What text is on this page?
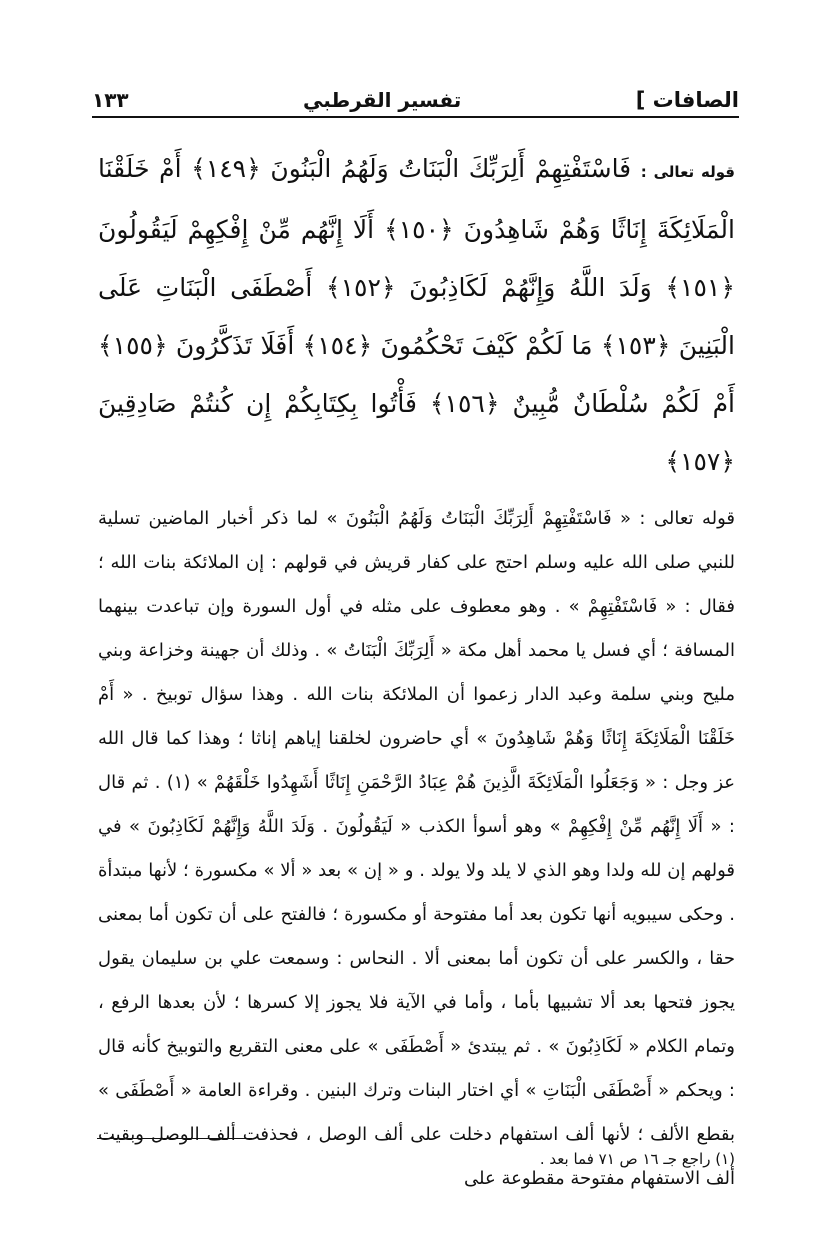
الصافات ]
تفسير القرطبي
١٣٣

قوله تعالى : فَاسْتَفْتِهِمْ أَلِرَبِّكَ الْبَنَاتُ وَلَهُمُ الْبَنُونَ ﴿١٤٩﴾ أَمْ خَلَقْنَا الْمَلَائِكَةَ إِنَاثًا وَهُمْ شَاهِدُونَ ﴿١٥٠﴾ أَلَا إِنَّهُم مِّنْ إِفْكِهِمْ لَيَقُولُونَ ﴿١٥١﴾ وَلَدَ اللَّهُ وَإِنَّهُمْ لَكَاذِبُونَ ﴿١٥٢﴾ أَصْطَفَى الْبَنَاتِ عَلَى الْبَنِينَ ﴿١٥٣﴾ مَا لَكُمْ كَيْفَ تَحْكُمُونَ ﴿١٥٤﴾ أَفَلَا تَذَكَّرُونَ ﴿١٥٥﴾ أَمْ لَكُمْ سُلْطَانٌ مُّبِينٌ ﴿١٥٦﴾ فَأْتُوا بِكِتَابِكُمْ إِن كُنتُمْ صَادِقِينَ ﴿١٥٧﴾

قوله تعالى : « فَاسْتَفْتِهِمْ أَلِرَبِّكَ الْبَنَاتُ وَلَهُمُ الْبَنُونَ » لما ذكر أخبار الماضين تسلية للنبي صلى الله عليه وسلم احتج على كفار قريش في قولهم : إن الملائكة بنات الله ؛ فقال : « فَاسْتَفْتِهِمْ » . وهو معطوف على مثله في أول السورة وإن تباعدت بينهما المسافة ؛ أي فسل يا محمد أهل مكة « أَلِرَبِّكَ الْبَنَاتُ » . وذلك أن جهينة وخزاعة وبني مليح وبني سلمة وعبد الدار زعموا أن الملائكة بنات الله . وهذا سؤال توبيخ . « أَمْ خَلَقْنَا الْمَلَائِكَةَ إِنَاثًا وَهُمْ شَاهِدُونَ » أي حاضرون لخلقنا إياهم إناثا ؛ وهذا كما قال الله عز وجل : « وَجَعَلُوا الْمَلَائِكَةَ الَّذِينَ هُمْ عِبَادُ الرَّحْمَنِ إِنَاثًا أَشَهِدُوا خَلْقَهُمْ » (١) . ثم قال : « أَلَا إِنَّهُم مِّنْ إِفْكِهِمْ » وهو أسوأ الكذب « لَيَقُولُونَ . وَلَدَ اللَّهُ وَإِنَّهُمْ لَكَاذِبُونَ » في قولهم إن لله ولدا وهو الذي لا يلد ولا يولد . و « إن » بعد « ألا » مكسورة ؛ لأنها مبتدأة . وحكى سيبويه أنها تكون بعد أما مفتوحة أو مكسورة ؛ فالفتح على أن تكون أما بمعنى حقا ، والكسر على أن تكون أما بمعنى ألا . النحاس : وسمعت علي بن سليمان يقول يجوز فتحها بعد ألا تشبيها بأما ، وأما في الآية فلا يجوز إلا كسرها ؛ لأن بعدها الرفع ، وتمام الكلام « لَكَاذِبُونَ » . ثم يبتدئ « أَصْطَفَى » على معنى التقريع والتوبيخ كأنه قال : ويحكم « أَصْطَفَى الْبَنَاتِ » أي اختار البنات وترك البنين . وقراءة العامة « أَصْطَفَى » بقطع الألف ؛ لأنها ألف استفهام دخلت على ألف الوصل ، فحذفت ألف الوصل وبقيت ألف الاستفهام مفتوحة مقطوعة على

(١) راجع جـ ١٦ ص ٧١ فما بعد .
